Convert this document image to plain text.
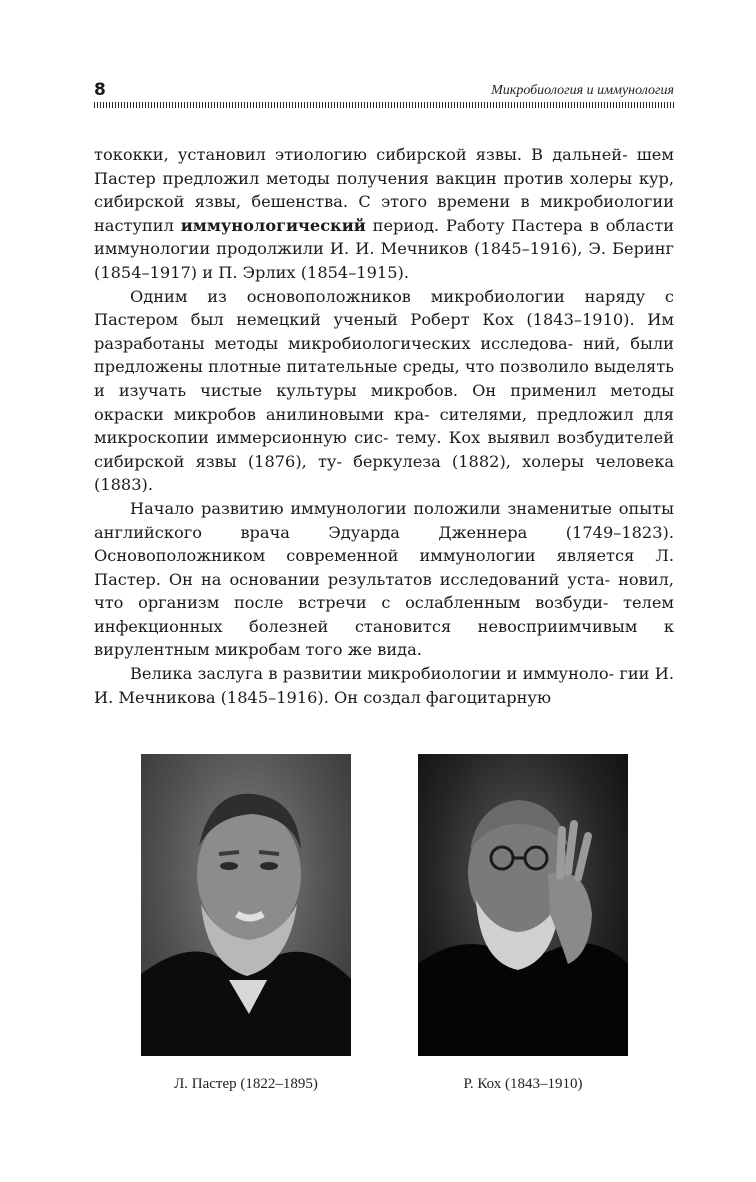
8	Микробиология и иммунология

тококки, установил этиологию сибирской язвы. В дальней- шем Пастер предложил методы получения вакцин против холеры кур, сибирской язвы, бешенства. С этого времени в микробиологии наступил иммунологический период. Работу Пастера в области иммунологии продолжили И. И. Мечников (1845–1916), Э. Беринг (1854–1917) и П. Эрлих (1854–1915).

Одним из основоположников микробиологии наряду с Пастером был немецкий ученый Роберт Кох (1843–1910). Им разработаны методы микробиологических исследова- ний, были предложены плотные питательные среды, что позволило выделять и изучать чистые культуры микробов. Он применил методы окраски микробов анилиновыми кра- сителями, предложил для микроскопии иммерсионную сис- тему. Кох выявил возбудителей сибирской язвы (1876), ту- беркулеза (1882), холеры человека (1883).

Начало развитию иммунологии положили знаменитые опыты английского врача Эдуарда Дженнера (1749–1823). Основоположником современной иммунологии является Л. Пастер. Он на основании результатов исследований уста- новил, что организм после встречи с ослабленным возбуди- телем инфекционных болезней становится невосприимчивым к вирулентным микробам того же вида.

Велика заслуга в развитии микробиологии и иммуноло- гии И. И. Мечникова (1845–1916). Он создал фагоцитарную

Л. Пастер (1822–1895)	Р. Кох (1843–1910)
